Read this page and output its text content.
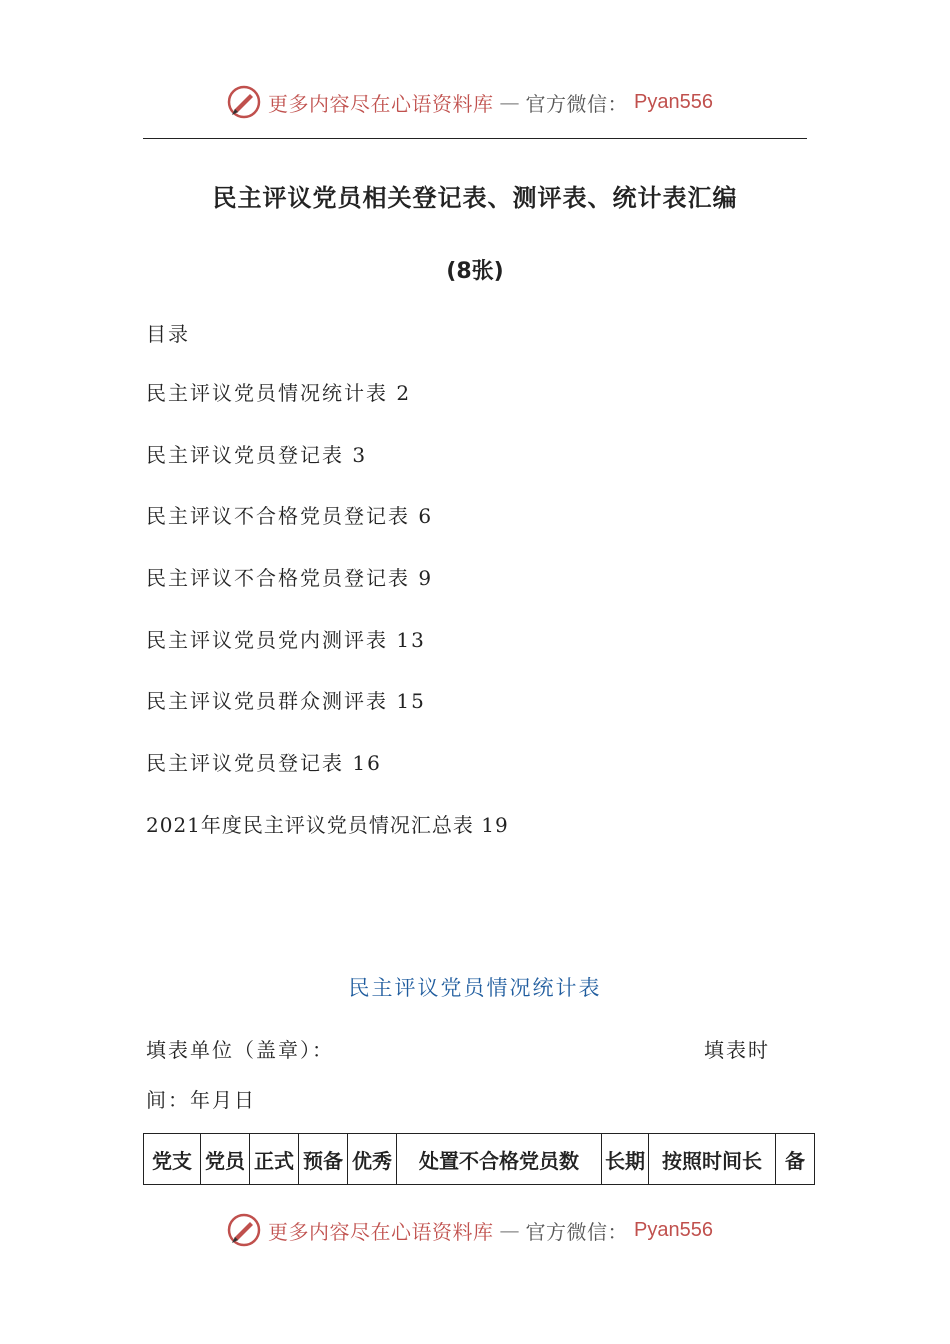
更多内容尽在心语资料库 — 官方微信： Pyan556
民主评议党员相关登记表、测评表、统计表汇编
(8张)
目录
民主评议党员情况统计表 2
民主评议党员登记表 3
民主评议不合格党员登记表 6
民主评议不合格党员登记表 9
民主评议党员党内测评表 13
民主评议党员群众测评表 15
民主评议党员登记表 16
2021年度民主评议党员情况汇总表 19
民主评议党员情况统计表
填表单位（盖章）：	填表时
间：年月日
党支	党员	正式	预备	优秀	处置不合格党员数	长期	按照时间长	备
更多内容尽在心语资料库 — 官方微信： Pyan556
